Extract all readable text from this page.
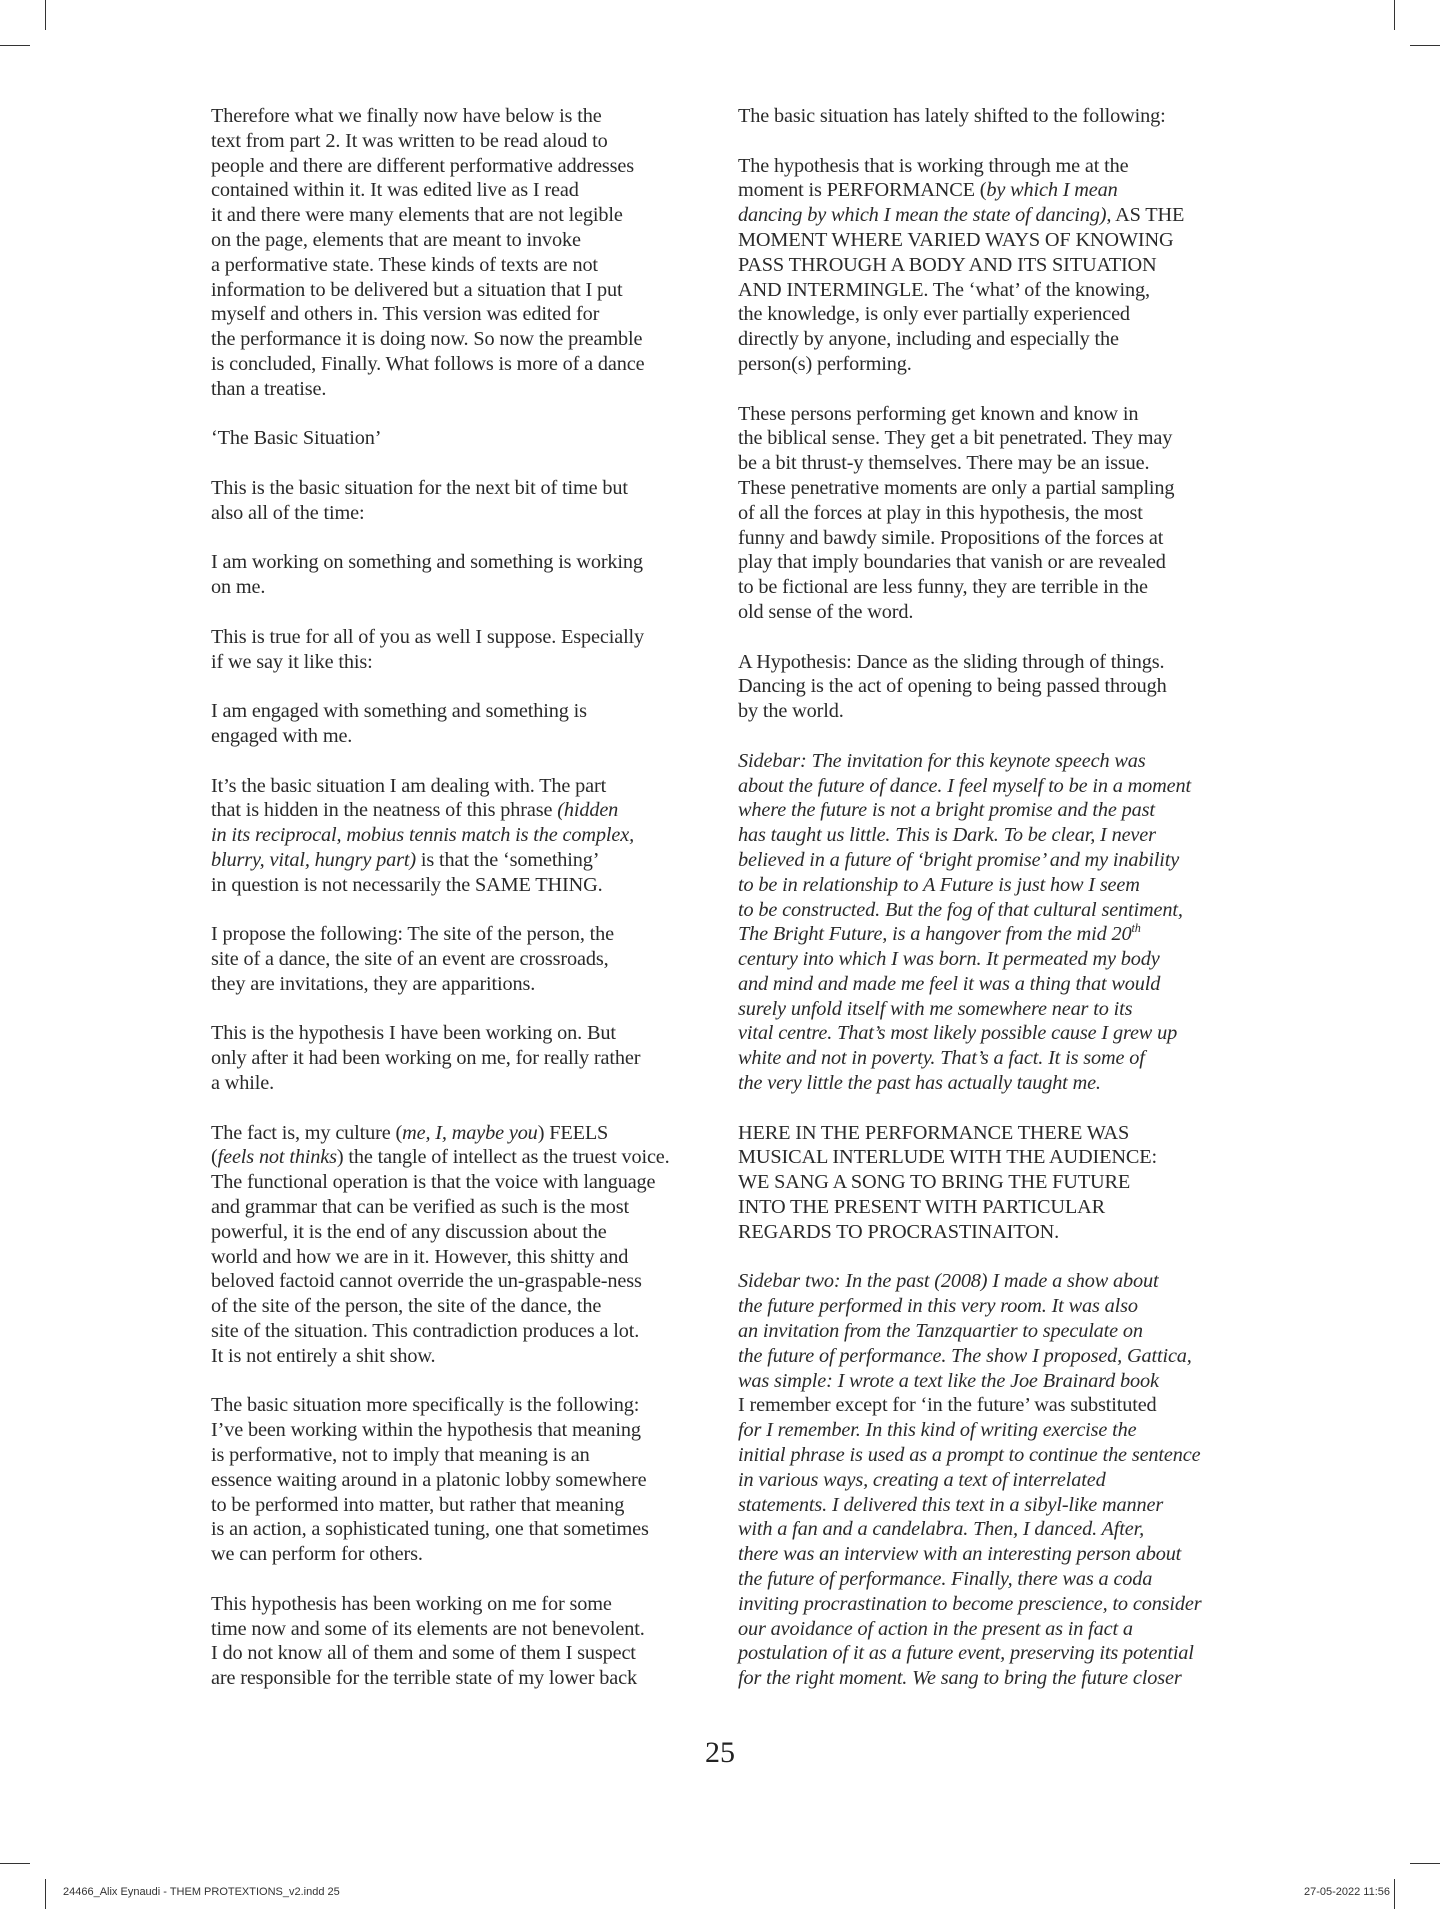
Therefore what we finally now have below is the
text from part 2. It was written to be read aloud to
people and there are different performative addresses
contained within it. It was edited live as I read
it and there were many elements that are not legible
on the page, elements that are meant to invoke
a performative state. These kinds of texts are not
information to be delivered but a situation that I put
myself and others in. This version was edited for
the performance it is doing now. So now the preamble
is concluded, Finally. What follows is more of a dance
than a treatise.

‘The Basic Situation’

This is the basic situation for the next bit of time but
also all of the time:

I am working on something and something is working
on me.

This is true for all of you as well I suppose. Especially
if we say it like this:

I am engaged with something and something is
engaged with me.

It’s the basic situation I am dealing with. The part
that is hidden in the neatness of this phrase (hidden
in its reciprocal, mobius tennis match is the complex,
blurry, vital, hungry part) is that the ‘something’
in question is not necessarily the SAME THING.

I propose the following: The site of the person, the
site of a dance, the site of an event are crossroads,
they are invitations, they are apparitions.

This is the hypothesis I have been working on. But
only after it had been working on me, for really rather
a while.

The fact is, my culture (me, I, maybe you) FEELS
(feels not thinks) the tangle of intellect as the truest voice.
The functional operation is that the voice with language
and grammar that can be verified as such is the most
powerful, it is the end of any discussion about the
world and how we are in it. However, this shitty and
beloved factoid cannot override the un-graspable-ness
of the site of the person, the site of the dance, the
site of the situation. This contradiction produces a lot.
It is not entirely a shit show.

The basic situation more specifically is the following:
I’ve been working within the hypothesis that meaning
is performative, not to imply that meaning is an
essence waiting around in a platonic lobby somewhere
to be performed into matter, but rather that meaning
is an action, a sophisticated tuning, one that sometimes
we can perform for others.

This hypothesis has been working on me for some
time now and some of its elements are not benevolent.
I do not know all of them and some of them I suspect
are responsible for the terrible state of my lower back

The basic situation has lately shifted to the following:

The hypothesis that is working through me at the
moment is PERFORMANCE (by which I mean
dancing by which I mean the state of dancing), AS THE
MOMENT WHERE VARIED WAYS OF KNOWING
PASS THROUGH A BODY AND ITS SITUATION
AND INTERMINGLE. The ‘what’ of the knowing,
the knowledge, is only ever partially experienced
directly by anyone, including and especially the
person(s) performing.

These persons performing get known and know in
the biblical sense. They get a bit penetrated. They may
be a bit thrust-y themselves. There may be an issue.
These penetrative moments are only a partial sampling
of all the forces at play in this hypothesis, the most
funny and bawdy simile. Propositions of the forces at
play that imply boundaries that vanish or are revealed
to be fictional are less funny, they are terrible in the
old sense of the word.

A Hypothesis: Dance as the sliding through of things.
Dancing is the act of opening to being passed through
by the world.

Sidebar: The invitation for this keynote speech was
about the future of dance. I feel myself to be in a moment
where the future is not a bright promise and the past
has taught us little. This is Dark. To be clear, I never
believed in a future of ‘bright promise’ and my inability
to be in relationship to A Future is just how I seem
to be constructed. But the fog of that cultural sentiment,
The Bright Future, is a hangover from the mid 20th
century into which I was born. It permeated my body
and mind and made me feel it was a thing that would
surely unfold itself with me somewhere near to its
vital centre. That’s most likely possible cause I grew up
white and not in poverty. That’s a fact. It is some of
the very little the past has actually taught me.

HERE IN THE PERFORMANCE THERE WAS
MUSICAL INTERLUDE WITH THE AUDIENCE:
WE SANG A SONG TO BRING THE FUTURE
INTO THE PRESENT WITH PARTICULAR
REGARDS TO PROCRASTINAITON.

Sidebar two: In the past (2008) I made a show about
the future performed in this very room. It was also
an invitation from the Tanzquartier to speculate on
the future of performance. The show I proposed, Gattica,
was simple: I wrote a text like the Joe Brainard book
I remember except for ‘in the future’ was substituted
for I remember. In this kind of writing exercise the
initial phrase is used as a prompt to continue the sentence
in various ways, creating a text of interrelated
statements. I delivered this text in a sibyl-like manner
with a fan and a candelabra. Then, I danced. After,
there was an interview with an interesting person about
the future of performance. Finally, there was a coda
inviting procrastination to become prescience, to consider
our avoidance of action in the present as in fact a
postulation of it as a future event, preserving its potential
for the right moment. We sang to bring the future closer

25
24466_Alix Eynaudi - THEM PROTEXTIONS_v2.indd 25	27-05-2022 11:56
